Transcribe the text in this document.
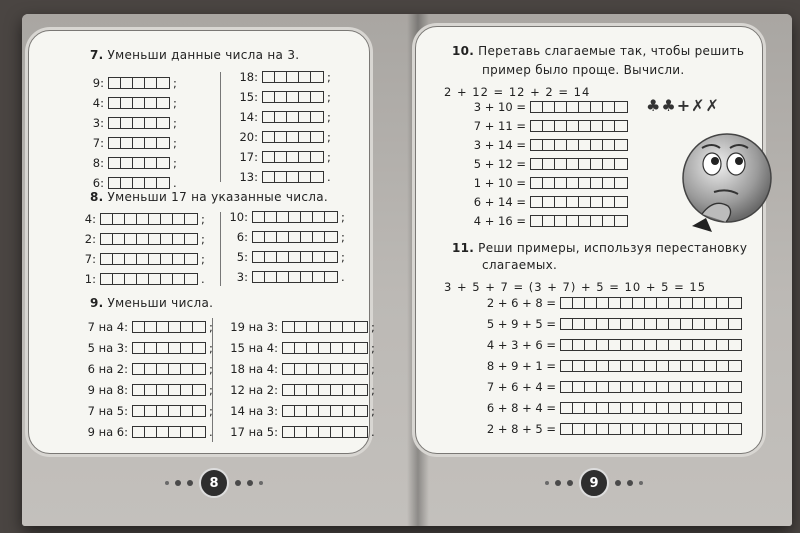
7. Уменьши данные числа на 3.
8. Уменьши 17 на указанные числа.
9. Уменьши числа.
8
10. Перетавь слагаемые так, чтобы решить
пример было проще. Вычисли.
2 + 12 = 12 + 2 = 14
♣♣+✗✗
11. Реши примеры, используя перестановку
слагаемых.
3 + 5 + 7 = (3 + 7) + 5 = 10 + 5 = 15
9
9:	;
4:	;
3:	;
7:	;
8:	;
6:	.
18:	;
15:	;
14:	;
20:	;
17:	;
13:	.
4:	;
2:	;
7:	;
1:	.
10:	;
6:	;
5:	;
3:	.
7 на 4:	;
5 на 3:	;
6 на 2:	;
9 на 8:	;
7 на 5:	;
9 на 6:	.
19 на 3:	;
15 на 4:	;
18 на 4:	;
12 на 2:	;
14 на 3:	;
17 на 5:	.
3 + 10 =
7 + 11 =
3 + 14 =
5 + 12 =
1 + 10 =
6 + 14 =
4 + 16 =
2 + 6 + 8 =
5 + 9 + 5 =
4 + 3 + 6 =
8 + 9 + 1 =
7 + 6 + 4 =
6 + 8 + 4 =
2 + 8 + 5 =
